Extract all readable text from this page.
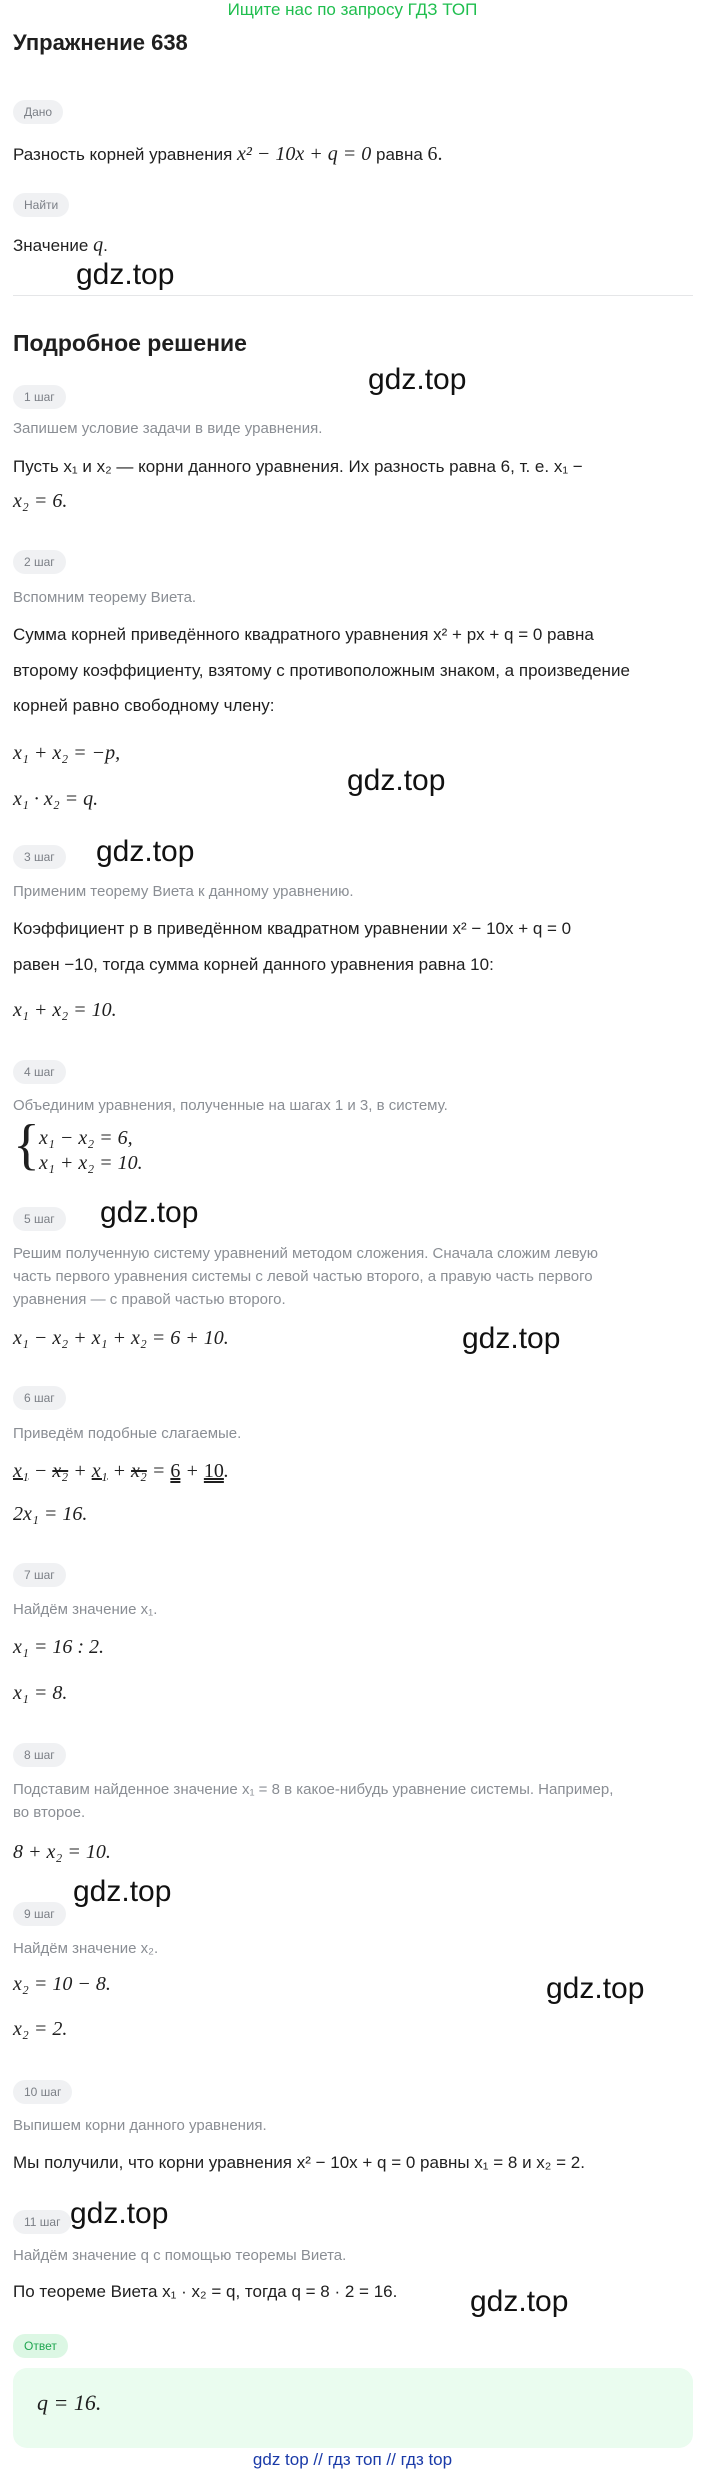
Ищите нас по запросу ГДЗ ТОП
Упражнение 638
Дано
Разность корней уравнения x² − 10x + q = 0 равна 6.
Найти
Значение q.
gdz.top
Подробное решение
gdz.top
1 шаг
Запишем условие задачи в виде уравнения.
Пусть x₁ и x₂ — корни данного уравнения. Их разность равна 6, т. е. x₁ −
x₂ = 6.
2 шаг
Вспомним теорему Виета.
Сумма корней приведённого квадратного уравнения x² + px + q = 0 равна
второму коэффициенту, взятому с противоположным знаком, а произведение
корней равно свободному члену:
x₁ + x₂ = −p,
x₁ · x₂ = q.
gdz.top
3 шаг	gdz.top
Применим теорему Виета к данному уравнению.
Коэффициент p в приведённом квадратном уравнении x² − 10x + q = 0
равен −10, тогда сумма корней данного уравнения равна 10:
x₁ + x₂ = 10.
4 шаг
Объединим уравнения, полученные на шагах 1 и 3, в систему.
{ x₁ − x₂ = 6,
x₁ + x₂ = 10.
5 шаг	gdz.top
Решим полученную систему уравнений методом сложения. Сначала сложим левую
часть первого уравнения системы с левой частью второго, а правую часть первого
уравнения — с правой частью второго.
x₁ − x₂ + x₁ + x₂ = 6 + 10.	gdz.top
6 шаг
Приведём подобные слагаемые.
x₁ − x₂ + x₁ + x₂ = 6 + 10.
2x₁ = 16.
7 шаг
Найдём значение x₁.
x₁ = 16 : 2.
x₁ = 8.
8 шаг
Подставим найденное значение x₁ = 8 в какое-нибудь уравнение системы. Например,
во второе.
8 + x₂ = 10.
9 шаг
gdz.top
Найдём значение x₂.
x₂ = 10 − 8.	gdz.top
x₂ = 2.
10 шаг
Выпишем корни данного уравнения.
Мы получили, что корни уравнения x² − 10x + q = 0 равны x₁ = 8 и x₂ = 2.
11 шаг gdz.top
Найдём значение q с помощью теоремы Виета.
По теореме Виета x₁ · x₂ = q, тогда q = 8 · 2 = 16.	gdz.top
Ответ
q = 16.
gdz top // гдз топ // гдз top
